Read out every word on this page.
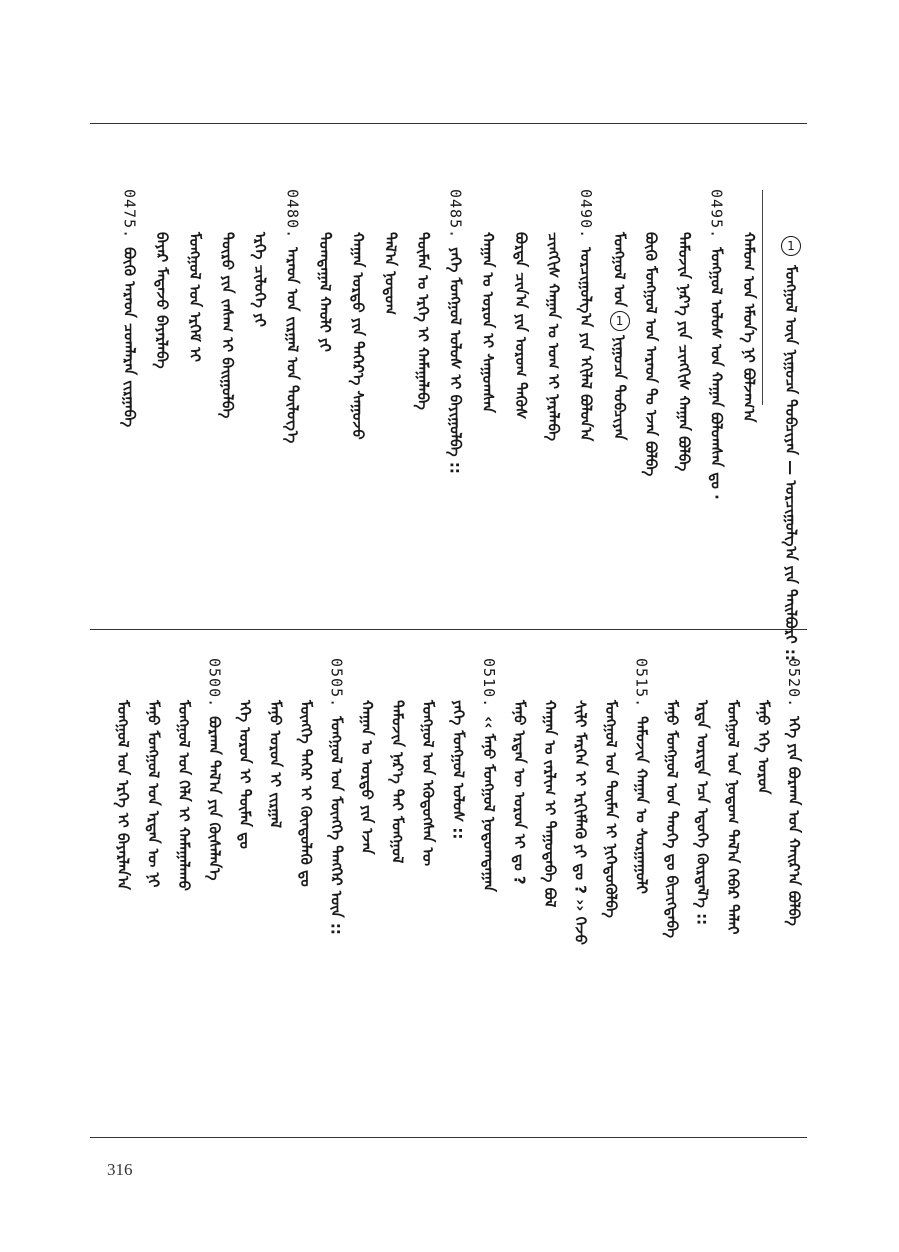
1 ᠮᠣᠩᠭᠣᠯ ᠦᠨ ᠨᠢᠭᠤᠴᠠ ᠲᠣᠪᠴᠢᠶᠠᠨ — ᠣᠷᠴᠢᠭᠤᠯᠭ᠎ᠠ ᠶᠢᠨ ᠲᠠᠢᠯᠪᠤᠷᠢ ::
ᠬᠠᠮᠤᠭ ᠤᠨ ᠡᠮᠦᠨ᠎ᠡ ᠨᠢ ᠪᠣᠯᠵᠠᠭ᠎ᠠ
0495.ᠮᠣᠩᠭᠣᠯ ᠤᠯᠤᠰ ᠤᠨ ᠬᠠᠭᠠᠨ ᠪᠣᠯᠤᠭᠰᠠᠨ ᠳᠤ ·
ᠲᠡᠮᠦᠵᠢᠨ ᠨᠡᠷ᠎ᠡ ᠶᠢᠨ ᠴᠢᠩᠭᠢᠰ ᠬᠠᠭᠠᠨ ᠪᠣᠯᠪᠠ
ᠪᠦᠬᠦ ᠮᠣᠩᠭᠣᠯ ᠤᠨ ᠠᠷᠠᠳ ᠲᠤ ᠡᠵᠡᠨ ᠪᠣᠯᠪᠠ
ᠮᠣᠩᠭᠣᠯ ᠤᠨ1ᠨᠢᠭᠤᠴᠠ ᠲᠣᠪᠴᠢᠶᠠᠨ
0490.ᠣᠷᠴᠢᠭᠤᠯᠭ᠎ᠠ ᠶᠢᠨ ᠡᠬᠢᠯᠡᠯ ᠪᠣᠯᠤᠨ᠎ᠠ
ᠴᠢᠩᠭᠢᠰ ᠬᠠᠭᠠᠨ ᠤ ᠤᠭ ᠢ ᠨᠡᠷᠡᠯᠡᠪᠡ
ᠪᠣᠷᠲᠡ ᠴᠢᠨ᠎ᠠ ᠶᠢᠨ ᠤᠷᠤᠭ ᠲᠡᠭᠦᠰ
ᠬᠠᠭᠠᠨ ᠤ ᠣᠷᠤᠨ ᠢ ᠰᠠᠭᠤᠭᠰᠠᠨ
0485.ᠶᠡᠬᠡ ᠮᠣᠩᠭᠣᠯ ᠤᠯᠤᠰ ᠢ ᠪᠠᠶᠢᠭᠤᠯᠪᠠ ::
ᠲᠦᠮᠡᠨ ᠤ ᠡᠷᠬᠡ ᠢ ᠬᠠᠮᠠᠭᠠᠯᠠᠪᠠ
ᠲᠠᠯ᠎ᠠ ᠨᠤᠲᠤᠭ
ᠬᠠᠭᠠᠨ ᠣᠷᠳᠣ ᠶᠢᠨ ᠳᠡᠭᠡᠷ᠎ᠡ ᠰᠠᠭᠤᠵᠤ
ᠲᠣᠭᠲᠠᠭᠠᠯ ᠬᠠᠤᠯᠢ ᠶᠢ
0480.ᠠᠷᠠᠳ ᠤᠨ ᠵᠢᠷᠭᠠᠯ ᠤᠨ ᠲᠥᠯᠥᠭ᠎ᠡ
ᠡᠷᠬᠡ ᠴᠢᠯᠥᠭᠡ ᠶᠢ
ᠲᠥᠷᠥ ᠶᠢᠨ ᠵᠠᠰᠠᠭ ᠢ ᠪᠠᠢᠭᠤᠯᠪᠠ
ᠮᠣᠩᠭᠣᠯ ᠤᠨ ᠡᠷᠬᠡᠮ ᠢ
ᠪᠠᠶᠠᠷ ᠮᠡᠳᠡᠵᠦ ᠪᠠᠶᠠᠷᠯᠠᠪᠠ
0475.ᠪᠦᠬᠦ ᠠᠷᠠᠳ ᠴᠤᠭᠯᠠᠷᠠᠨ ᠵᠢᠷᠭᠠᠪᠠ
0520.ᠡᠬᠡ ᠶᠢᠨ ᠪᠤᠷᠬᠠᠨ ᠤᠨ ᠬᠠᠢᠷ᠎ᠠ ᠪᠣᠯᠪᠠ
ᠮᠠᠨᠤ ᠡᠬᠡ ᠣᠷᠤᠨ
ᠮᠣᠩᠭᠣᠯ ᠤᠨ ᠨᠤᠲᠤᠭ ᠲᠠᠯ᠎ᠠ ᠬᠡᠪᠡᠷ ᠳᠠᠯᠠᠢ
ᠡᠷᠲᠡ ᠤᠷᠢᠳᠠ ᠡᠴᠡ ᠡᠳᠦᠭᠡ ᠬᠦᠷᠲᠡᠯ᠎ᠡ ::
ᠮᠠᠨᠤ ᠮᠣᠩᠭᠣᠯ ᠤᠨ ᠲᠡᠦᠬᠡ ᠳᠤ ᠪᠢᠴᠢᠭᠳᠡᠪᠡ
0515.ᠲᠡᠮᠦᠵᠢᠨ ᠬᠠᠭᠠᠨ ᠤ ᠰᠤᠷᠭᠠᠭᠤᠯᠢ
ᠮᠣᠩᠭᠣᠯ ᠤᠨ ᠲᠦᠮᠡᠨ ᠢ ᠨᠢᠭᠡᠳᠦᠭᠦᠯᠪᠡ
ᠰᠢᠯᠢ ᠮᠡᠷᠭᠡᠨ ᠢ ᠡᠷᠬᠢᠮᠯᠡᠬᠦ ᠶᠢ ᠳᠤ ? ›› ᠭᠡᠵᠦ
ᠬᠠᠭᠠᠨ ᠤ ᠵᠠᠷᠯᠢᠭ ᠢ ᠳᠠᠭᠤᠳᠠᠪᠠ ᠪᠣᠯ
ᠮᠠᠨᠤ ᠡᠷᠲᠡᠨ ᠦ ᠣᠷᠤᠨ ᠢ ᠳᠤ ?
0510.‹‹ ᠮᠠᠨᠤ ᠮᠣᠩᠭᠣᠯ ᠨᠤᠲᠤᠭᠲᠠᠭᠠᠨ
ᠶᠡᠬᠡ ᠮᠣᠩᠭᠣᠯ ᠤᠯᠤᠰ ::
ᠮᠣᠩᠭᠣᠯ ᠤᠨ ᠡᠭᠦᠳᠦᠭᠰᠡᠨ ᠦ
ᠲᠡᠮᠦᠵᠢᠨ ᠨᠡᠷ᠎ᠡ ᠲᠡᠢ ᠮᠣᠩᠭᠣᠯ
ᠬᠠᠭᠠᠨ ᠤ ᠣᠷᠳᠣ ᠶᠢᠨ ᠡᠵᠡᠨ
0505.ᠮᠣᠩᠭᠣᠯ ᠤᠨ ᠮᠥᠩᠬᠡ ᠲᠡᠩᠭᠡᠷ ᠦᠨ ::
ᠮᠥᠩᠬᠡ ᠲᠡᠭᠡᠷ ᠢ ᠬᠦᠨᠳᠦᠯᠡᠬᠦ ᠳᠤ
ᠮᠠᠨᠤ ᠣᠷᠤᠨ ᠢ ᠵᠢᠷᠭᠠᠯ
ᠡᠬᠡ ᠣᠷᠤᠨ ᠢ ᠲᠦᠮᠡᠨ ᠳᠤ
0500.ᠪᠤᠷᠬᠠᠨ ᠲᠠᠯ᠎ᠠ ᠶᠢᠨ ᠬᠦᠰᠡᠯᠡᠨ᠎ᠡ
ᠮᠣᠩᠭᠣᠯ ᠤᠨ ᠬᠡᠯᠡ ᠢ ᠬᠠᠮᠠᠭᠠᠯᠠᠬᠤ
ᠮᠠᠨᠤ ᠮᠣᠩᠭᠣᠯ ᠤᠨ ᠡᠷᠲᠡᠨ ᠦ ᠨᠢ
ᠮᠣᠩᠭᠣᠯ ᠤᠨ ᠡᠷᠬᠡ ᠢ ᠪᠠᠶᠠᠷᠯᠠᠨ᠎ᠠ
316
